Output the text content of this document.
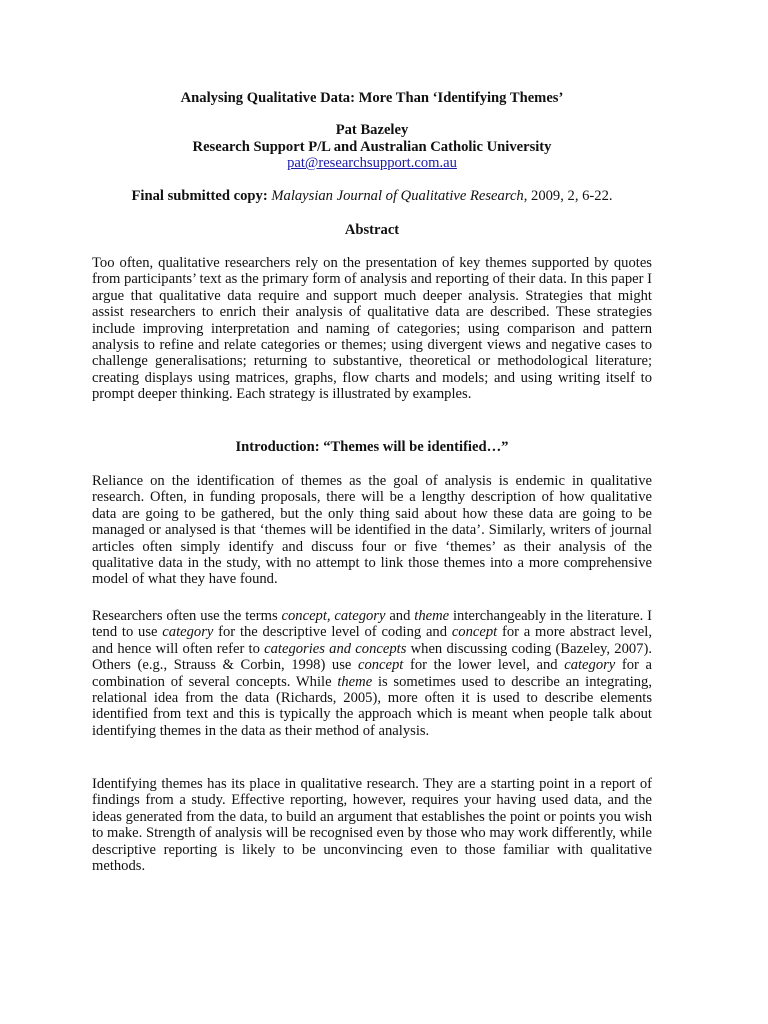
Analysing Qualitative Data: More Than ‘Identifying Themes’
Pat Bazeley
Research Support P/L and Australian Catholic University
pat@researchsupport.com.au
Final submitted copy: Malaysian Journal of Qualitative Research, 2009, 2, 6-22.
Abstract

Too often, qualitative researchers rely on the presentation of key themes supported by quotes from participants’ text as the primary form of analysis and reporting of their data. In this paper I argue that qualitative data require and support much deeper analysis. Strategies that might assist researchers to enrich their analysis of qualitative data are described. These strategies include improving interpretation and naming of categories; using comparison and pattern analysis to refine and relate categories or themes; using divergent views and negative cases to challenge generalisations; returning to substantive, theoretical or methodological literature; creating displays using matrices, graphs, flow charts and models; and using writing itself to prompt deeper thinking. Each strategy is illustrated by examples.

Introduction: “Themes will be identified…”

Reliance on the identification of themes as the goal of analysis is endemic in qualitative research. Often, in funding proposals, there will be a lengthy description of how qualitative data are going to be gathered, but the only thing said about how these data are going to be managed or analysed is that ‘themes will be identified in the data’. Similarly, writers of journal articles often simply identify and discuss four or five ‘themes’ as their analysis of the qualitative data in the study, with no attempt to link those themes into a more comprehensive model of what they have found.

Researchers often use the terms concept, category and theme interchangeably in the literature. I tend to use category for the descriptive level of coding and concept for a more abstract level, and hence will often refer to categories and concepts when discussing coding (Bazeley, 2007). Others (e.g., Strauss & Corbin, 1998) use concept for the lower level, and category for a combination of several concepts. While theme is sometimes used to describe an integrating, relational idea from the data (Richards, 2005), more often it is used to describe elements identified from text and this is typically the approach which is meant when people talk about identifying themes in the data as their method of analysis.

Identifying themes has its place in qualitative research. They are a starting point in a report of findings from a study. Effective reporting, however, requires your having used data, and the ideas generated from the data, to build an argument that establishes the point or points you wish to make. Strength of analysis will be recognised even by those who may work differently, while descriptive reporting is likely to be unconvincing even to those familiar with qualitative methods.
